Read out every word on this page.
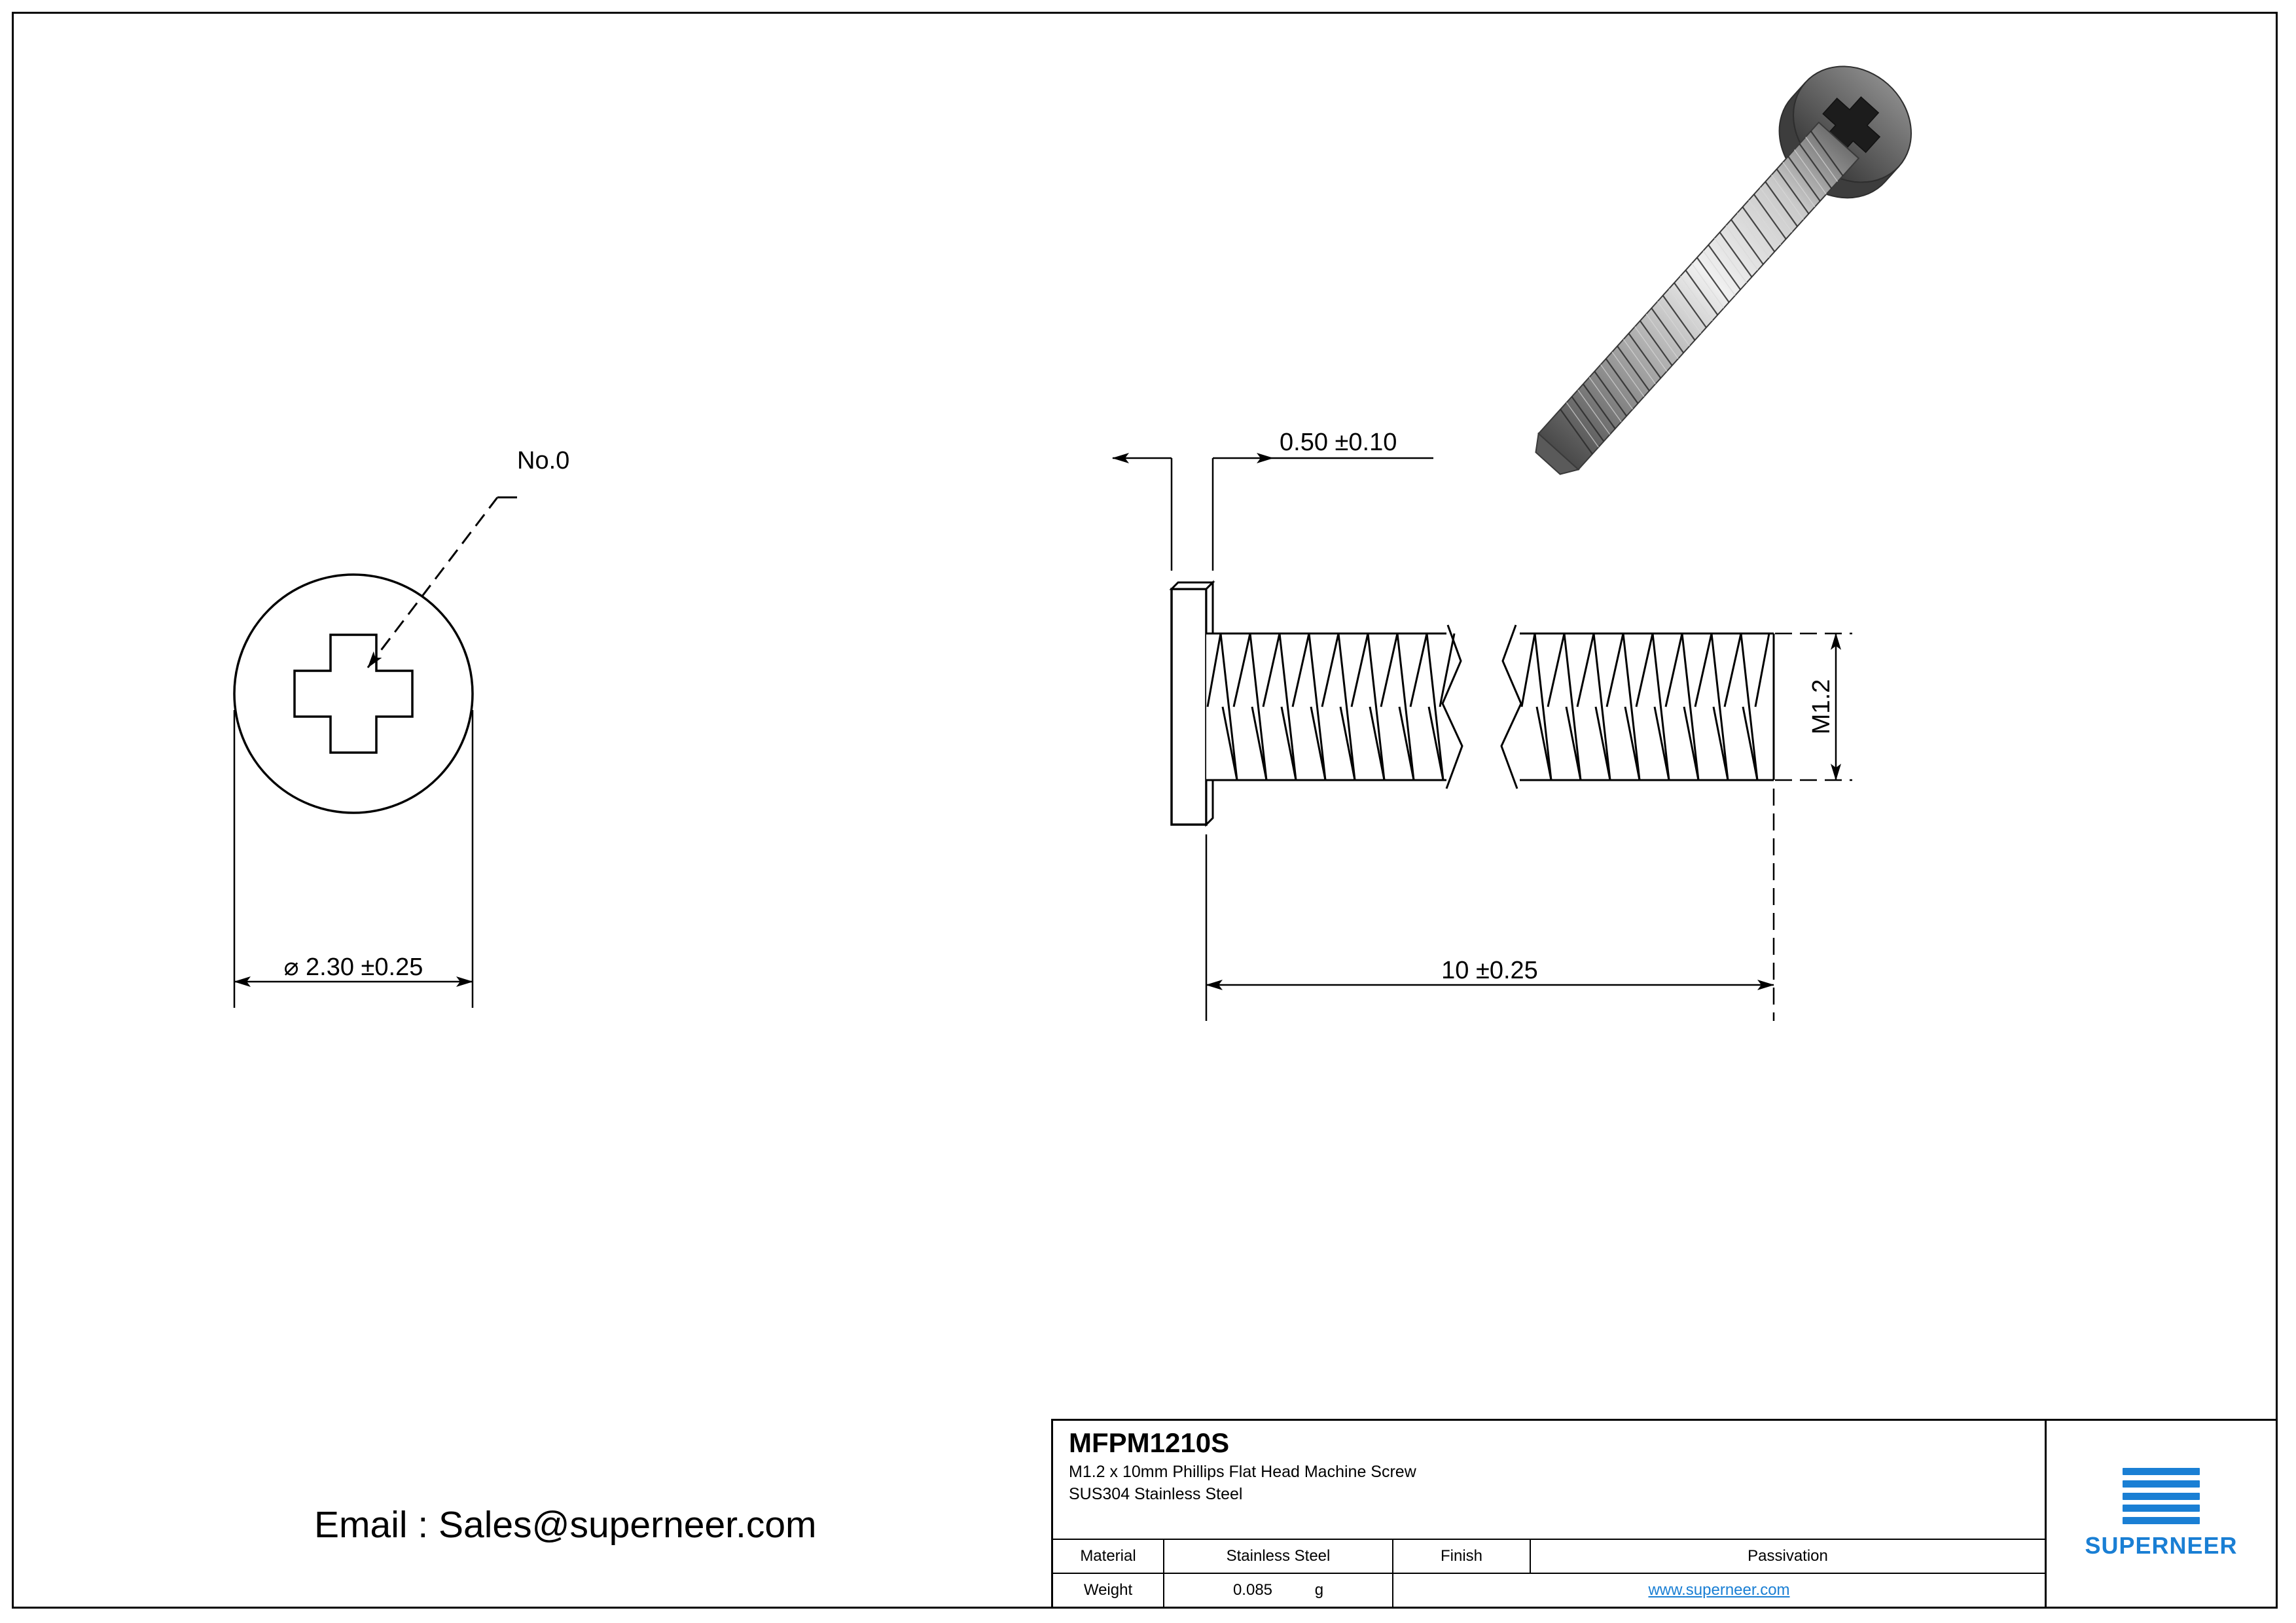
No.0
⌀ 2.30 ±0.25
0.50 ±0.10
M1.2
10 ±0.25
Email : Sales@superneer.com
MFPM1210S
M1.2 x 10mm Phillips Flat Head Machine Screw
SUS304 Stainless Steel
Material	Stainless Steel	Finish	Passivation
Weight	0.085 g	www.superneer.com	
SUPERNEER
